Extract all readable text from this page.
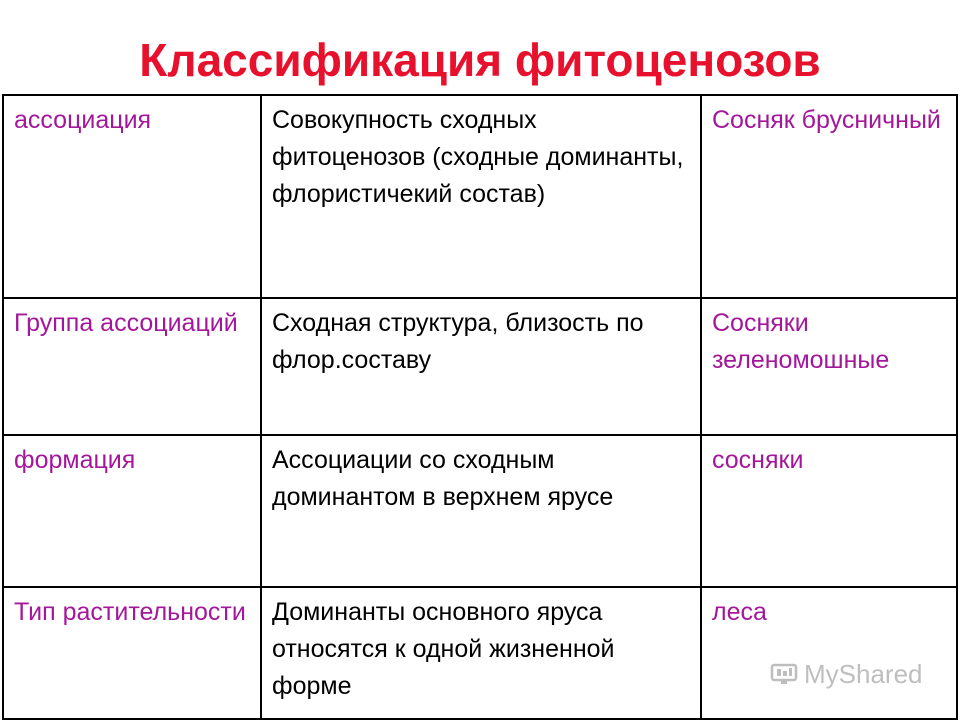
Классификация фитоценозов
ассоциация	Совокупность сходных фитоценозов (сходные доминанты, флористичекий состав)	Сосняк брусничный
Группа ассоциаций	Сходная структура, близость по флор.составу	Сосняки зеленомошные
формация	Ассоциации со сходным доминантом в верхнем ярусе	сосняки
Тип растительности	Доминанты основного яруса относятся к одной жизненной форме	леса
MyShared
